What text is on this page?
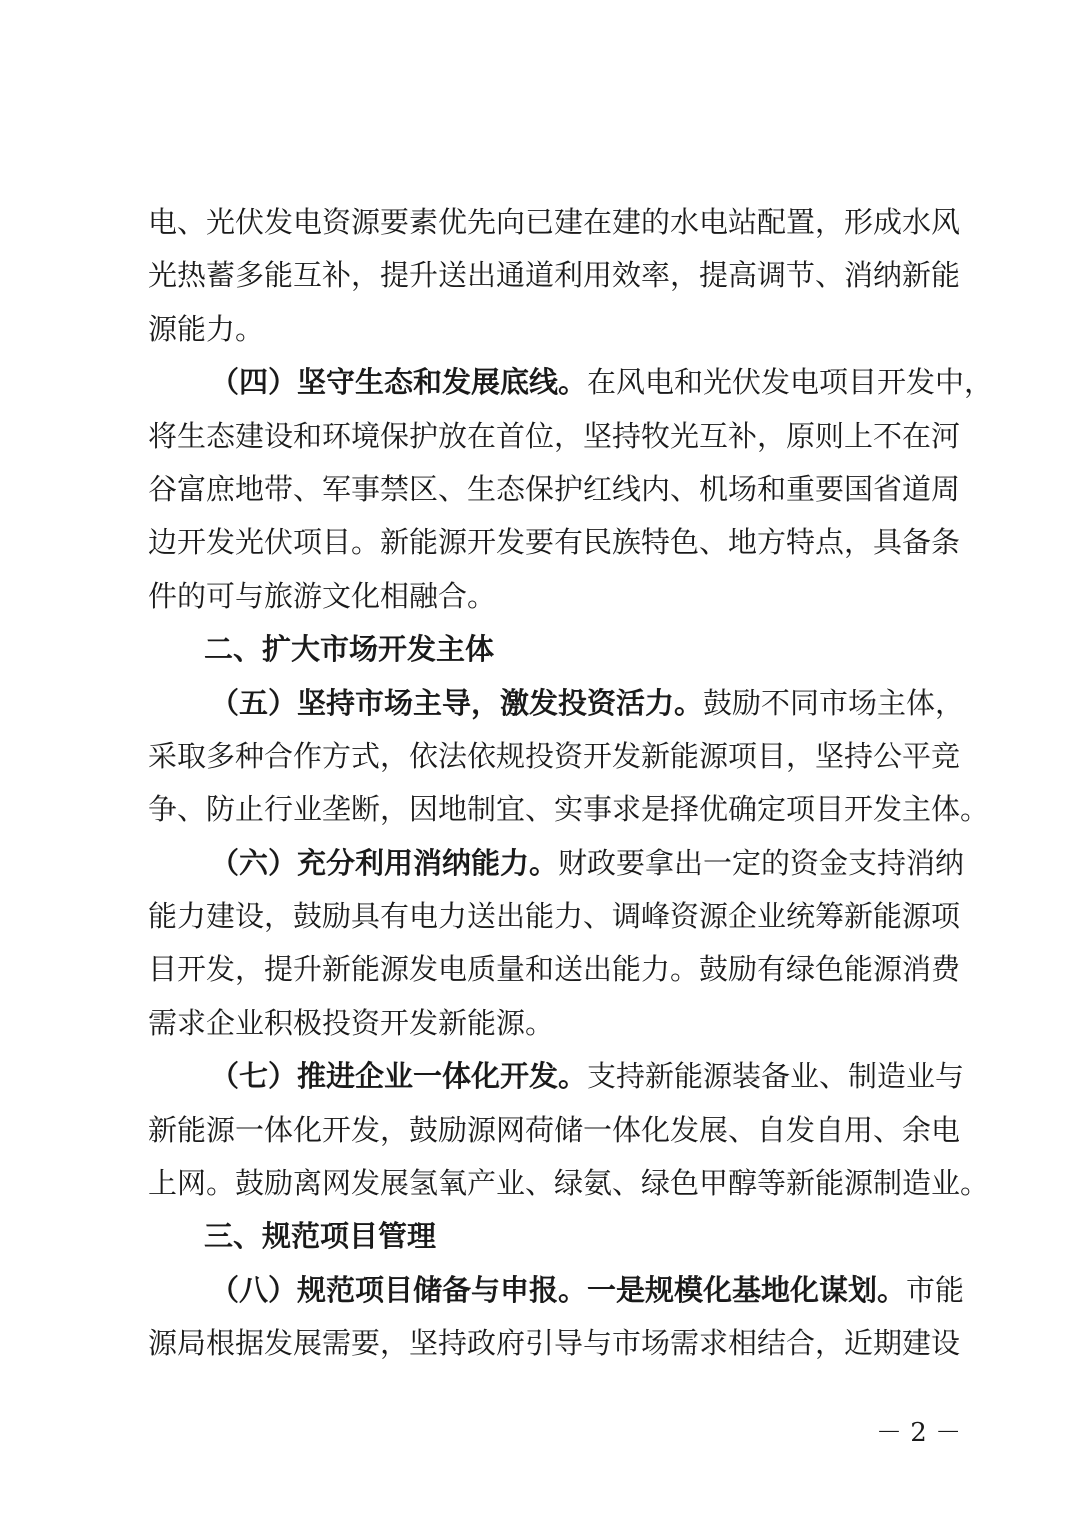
电、光伏发电资源要素优先向已建在建的水电站配置，形成水风
光热蓄多能互补，提升送出通道利用效率，提高调节、消纳新能
源能力。
（四）坚守生态和发展底线。在风电和光伏发电项目开发中，
将生态建设和环境保护放在首位，坚持牧光互补，原则上不在河
谷富庶地带、军事禁区、生态保护红线内、机场和重要国省道周
边开发光伏项目。新能源开发要有民族特色、地方特点，具备条
件的可与旅游文化相融合。
二、扩大市场开发主体
（五）坚持市场主导，激发投资活力。鼓励不同市场主体，
采取多种合作方式，依法依规投资开发新能源项目，坚持公平竞
争、防止行业垄断，因地制宜、实事求是择优确定项目开发主体。
（六）充分利用消纳能力。财政要拿出一定的资金支持消纳
能力建设，鼓励具有电力送出能力、调峰资源企业统筹新能源项
目开发，提升新能源发电质量和送出能力。鼓励有绿色能源消费
需求企业积极投资开发新能源。
（七）推进企业一体化开发。支持新能源装备业、制造业与
新能源一体化开发，鼓励源网荷储一体化发展、自发自用、余电
上网。鼓励离网发展氢氧产业、绿氨、绿色甲醇等新能源制造业。
三、规范项目管理
（八）规范项目储备与申报。一是规模化基地化谋划。市能
源局根据发展需要，坚持政府引导与市场需求相结合，近期建设
－ 2 －
